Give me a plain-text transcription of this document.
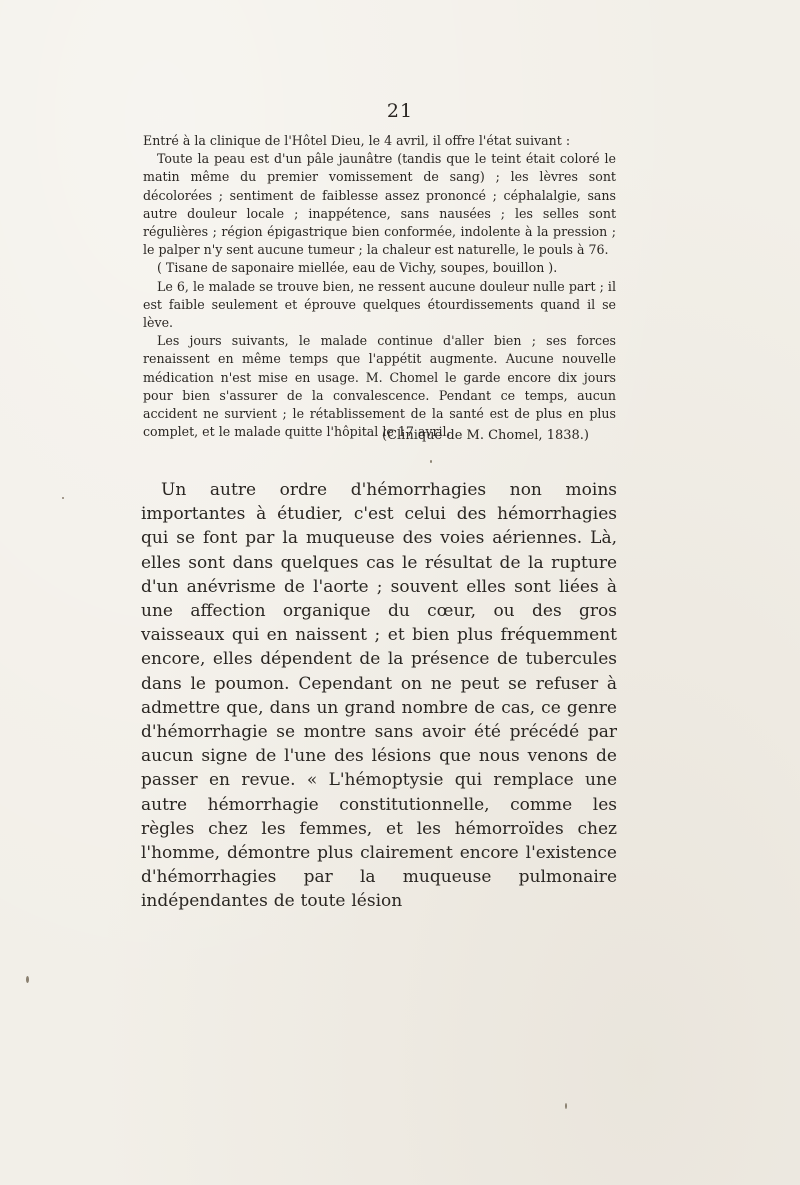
21

Entré à la clinique de l'Hôtel Dieu, le 4 avril, il offre l'état suivant :

Toute la peau est d'un pâle jaunâtre (tandis que le teint était coloré le matin même du premier vomissement de sang) ; les lèvres sont décolorées ; sentiment de faiblesse assez prononcé ; céphalalgie, sans autre douleur locale ; inappétence, sans nausées ; les selles sont régulières ; région épigastrique bien conformée, indolente à la pression ; le palper n'y sent aucune tumeur ; la chaleur est naturelle, le pouls à 76.

( Tisane de saponaire miellée, eau de Vichy, soupes, bouillon ).

Le 6, le malade se trouve bien, ne ressent aucune douleur nulle part ; il est faible seulement et éprouve quelques étourdissements quand il se lève.

Les jours suivants, le malade continue d'aller bien ; ses forces renaissent en même temps que l'appétit augmente. Aucune nouvelle médication n'est mise en usage. M. Chomel le garde encore dix jours pour bien s'assurer de la convalescence. Pendant ce temps, aucun accident ne survient ; le rétablissement de la santé est de plus en plus complet, et le malade quitte l'hôpital le 17 avril.

(Clinique de M. Chomel, 1838.)

Un autre ordre d'hémorrhagies non moins importantes à étudier, c'est celui des hémorrhagies qui se font par la muqueuse des voies aériennes. Là, elles sont dans quelques cas le résultat de la rupture d'un anévrisme de l'aorte ; souvent elles sont liées à une affection organique du cœur, ou des gros vaisseaux qui en naissent ; et bien plus fréquemment encore, elles dépendent de la présence de tubercules dans le poumon. Cependant on ne peut se refuser à admettre que, dans un grand nombre de cas, ce genre d'hémorrhagie se montre sans avoir été précédé par aucun signe de l'une des lésions que nous venons de passer en revue. « L'hémoptysie qui remplace une autre hémorrhagie constitutionnelle, comme les règles chez les femmes, et les hémorroïdes chez l'homme, démontre plus clairement encore l'existence d'hémorrhagies par la muqueuse pulmonaire indépendantes de toute lésion
